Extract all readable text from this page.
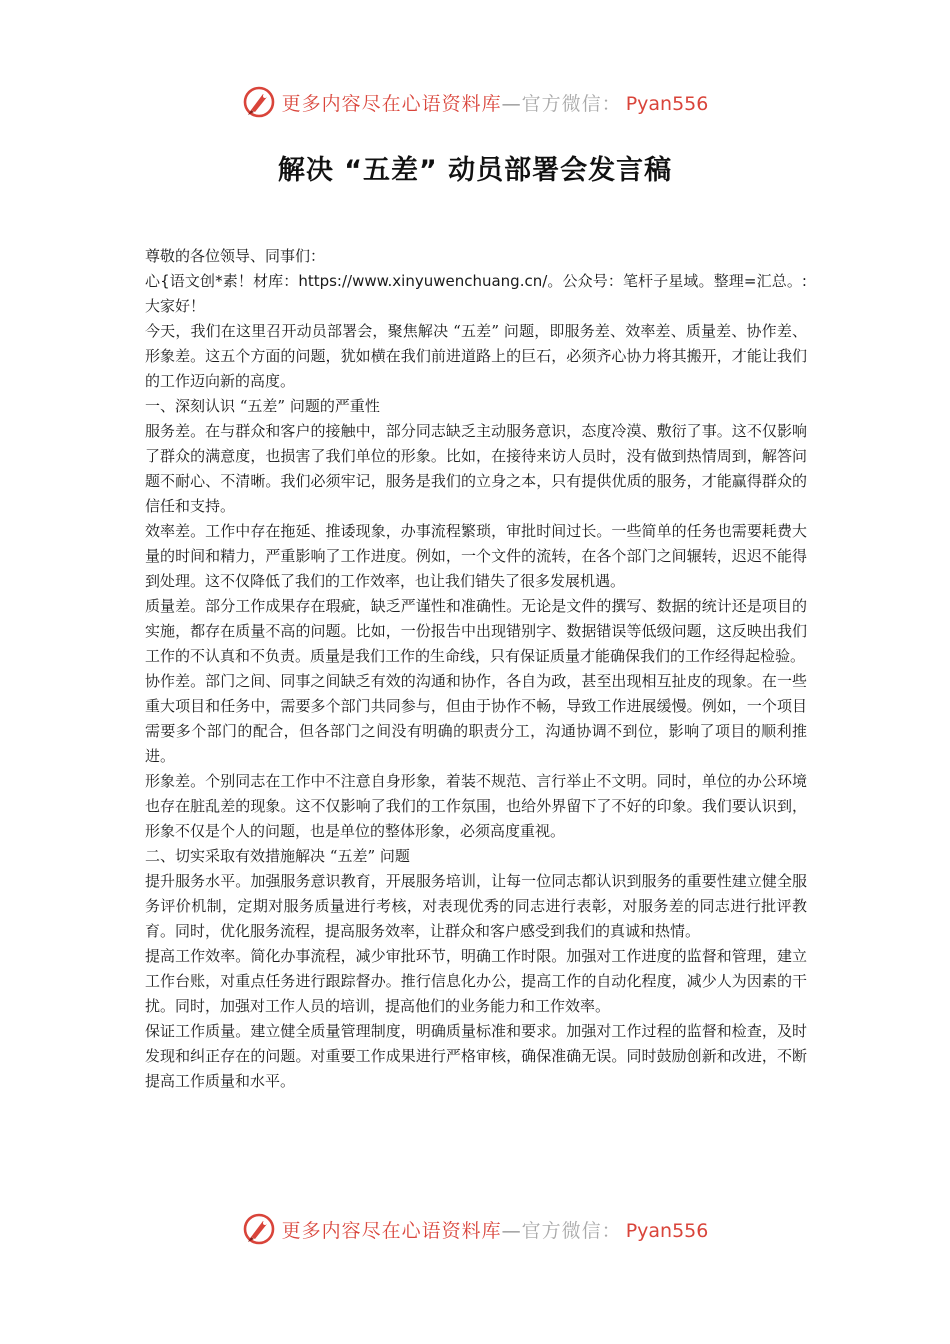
更多内容尽在心语资料库—官方微信： Pyan556
解决 “五差” 动员部署会发言稿

尊敬的各位领导、同事们：

心{语文创*素！材库：https://www.xinyuwenchuang.cn/。公众号：笔杆子星域。整理=汇总。:大家好！

今天，我们在这里召开动员部署会，聚焦解决 “五差” 问题，即服务差、效率差、质量差、协作差、形象差。这五个方面的问题，犹如横在我们前进道路上的巨石，必须齐心协力将其搬开，才能让我们的工作迈向新的高度。

一、深刻认识 “五差” 问题的严重性

服务差。在与群众和客户的接触中，部分同志缺乏主动服务意识，态度冷漠、敷衍了事。这不仅影响了群众的满意度，也损害了我们单位的形象。比如，在接待来访人员时，没有做到热情周到，解答问题不耐心、不清晰。我们必须牢记，服务是我们的立身之本，只有提供优质的服务，才能赢得群众的信任和支持。

效率差。工作中存在拖延、推诿现象，办事流程繁琐，审批时间过长。一些简单的任务也需要耗费大量的时间和精力，严重影响了工作进度。例如，一个文件的流转，在各个部门之间辗转，迟迟不能得到处理。这不仅降低了我们的工作效率，也让我们错失了很多发展机遇。

质量差。部分工作成果存在瑕疵，缺乏严谨性和准确性。无论是文件的撰写、数据的统计还是项目的实施，都存在质量不高的问题。比如，一份报告中出现错别字、数据错误等低级问题，这反映出我们工作的不认真和不负责。质量是我们工作的生命线，只有保证质量才能确保我们的工作经得起检验。

协作差。部门之间、同事之间缺乏有效的沟通和协作，各自为政，甚至出现相互扯皮的现象。在一些重大项目和任务中，需要多个部门共同参与，但由于协作不畅，导致工作进展缓慢。例如，一个项目需要多个部门的配合，但各部门之间没有明确的职责分工，沟通协调不到位，影响了项目的顺利推进。

形象差。个别同志在工作中不注意自身形象，着装不规范、言行举止不文明。同时，单位的办公环境也存在脏乱差的现象。这不仅影响了我们的工作氛围，也给外界留下了不好的印象。我们要认识到，形象不仅是个人的问题，也是单位的整体形象，必须高度重视。

二、切实采取有效措施解决 “五差” 问题

提升服务水平。加强服务意识教育，开展服务培训，让每一位同志都认识到服务的重要性建立健全服务评价机制，定期对服务质量进行考核，对表现优秀的同志进行表彰，对服务差的同志进行批评教育。同时，优化服务流程，提高服务效率，让群众和客户感受到我们的真诚和热情。

提高工作效率。简化办事流程，减少审批环节，明确工作时限。加强对工作进度的监督和管理，建立工作台账，对重点任务进行跟踪督办。推行信息化办公，提高工作的自动化程度，减少人为因素的干扰。同时，加强对工作人员的培训，提高他们的业务能力和工作效率。

保证工作质量。建立健全质量管理制度，明确质量标准和要求。加强对工作过程的监督和检查，及时发现和纠正存在的问题。对重要工作成果进行严格审核，确保准确无误。同时鼓励创新和改进，不断提高工作质量和水平。

更多内容尽在心语资料库—官方微信： Pyan556
